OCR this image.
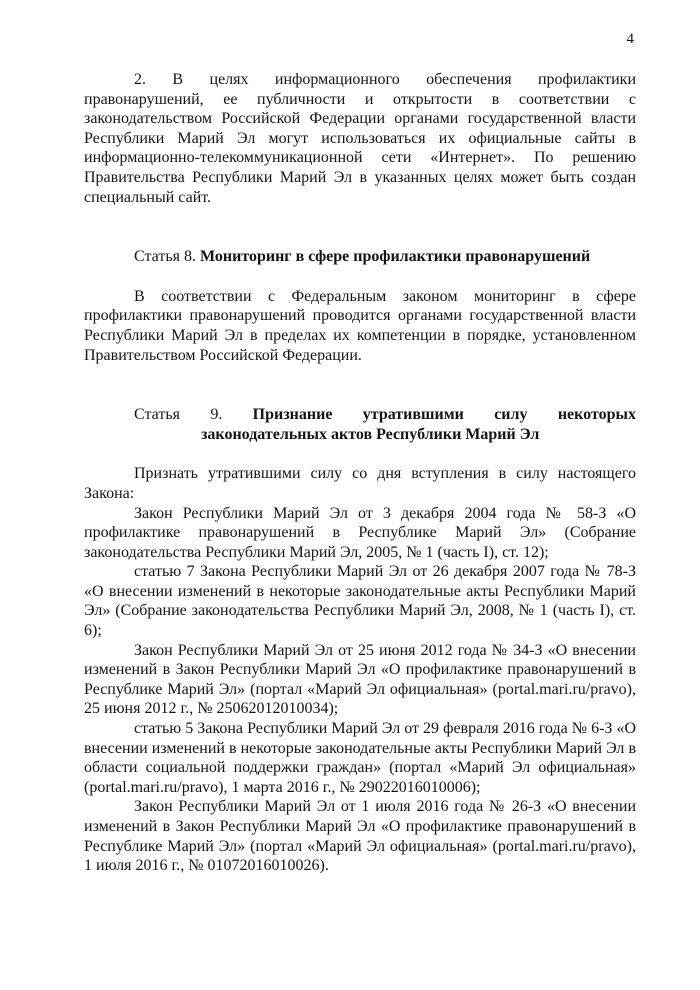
4

2. В целях информационного обеспечения профилактики правонарушений, ее публичности и открытости в соответствии с законодательством Российской Федерации органами государственной власти Республики Марий Эл могут использоваться их официальные сайты в информационно-телекоммуникационной сети «Интернет». По решению Правительства Республики Марий Эл в указанных целях может быть создан специальный сайт.

Статья 8. Мониторинг в сфере профилактики правонарушений

В соответствии с Федеральным законом мониторинг в сфере профилактики правонарушений проводится органами государственной власти Республики Марий Эл в пределах их компетенции в порядке, установленном Правительством Российской Федерации.

Статья 9. Признание утратившими силу некоторых

законодательных актов Республики Марий Эл

Признать утратившими силу со дня вступления в силу настоящего Закона:

Закон Республики Марий Эл от 3 декабря 2004 года № 58-З «О профилактике правонарушений в Республике Марий Эл» (Собрание законодательства Республики Марий Эл, 2005, № 1 (часть I), ст. 12);

статью 7 Закона Республики Марий Эл от 26 декабря 2007 года № 78-З «О внесении изменений в некоторые законодательные акты Республики Марий Эл» (Собрание законодательства Республики Марий Эл, 2008, № 1 (часть I), ст. 6);

Закон Республики Марий Эл от 25 июня 2012 года № 34-З «О внесении изменений в Закон Республики Марий Эл «О профилактике правонарушений в Республике Марий Эл» (портал «Марий Эл официальная» (portal.mari.ru/pravo), 25 июня 2012 г., № 25062012010034);

статью 5 Закона Республики Марий Эл от 29 февраля 2016 года № 6-З «О внесении изменений в некоторые законодательные акты Республики Марий Эл в области социальной поддержки граждан» (портал «Марий Эл официальная» (portal.mari.ru/pravo), 1 марта 2016 г., № 29022016010006);

Закон Республики Марий Эл от 1 июля 2016 года № 26-З «О внесении изменений в Закон Республики Марий Эл «О профилактике правонарушений в Республике Марий Эл» (портал «Марий Эл официальная» (portal.mari.ru/pravo), 1 июля 2016 г., № 01072016010026).
